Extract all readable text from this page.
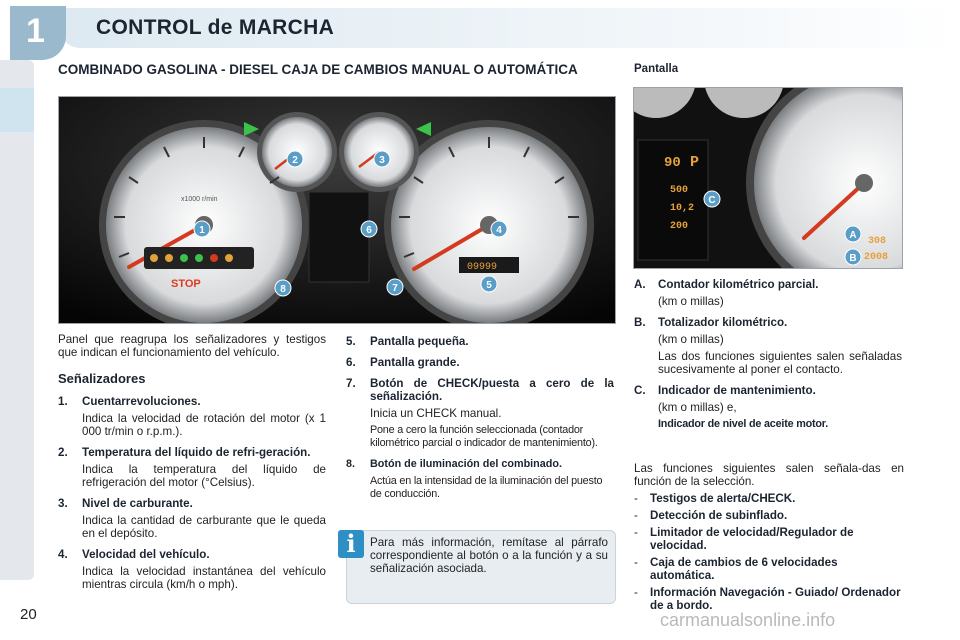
1 CONTROL de MARCHA
COMBINADO GASOLINA - DIESEL CAJA DE CAMBIOS MANUAL O AUTOMÁTICA	Pantalla
STOP
x1000 r/min
09999
1
2	3
4
5
6
7
8
90 P
500
10,2
200
308
2008
A
B
C

Panel que reagrupa los señalizadores y testigos que indican el funcionamiento del vehículo.

Señalizadores
1.	Cuentarrevoluciones.

Indica la velocidad de rotación del motor (x 1 000 tr/min o r.p.m.).

2.	Temperatura del líquido de refri-geración.

Indica la temperatura del líquido de refrigeración del motor (°Celsius).

3.	Nivel de carburante.

Indica la cantidad de carburante que le queda en el depósito.

4.	Velocidad del vehículo.

Indica la velocidad instantánea del vehículo mientras circula (km/h o mph).

5.	Pantalla pequeña.
6.	Pantalla grande.
7.	Botón de CHECK/puesta a cero de la señalización.

Inicia un CHECK manual.

Pone a cero la función seleccionada (contador kilométrico parcial o indicador de mantenimiento).

8.	Botón de iluminación del combinado.

Actúa en la intensidad de la iluminación del puesto de conducción.

i	Para más información, remítase al párrafo correspondiente al botón o a la función y a su señalización asociada.

A.	Contador kilométrico parcial.

(km o millas)

B.	Totalizador kilométrico.

(km o millas)

Las dos funciones siguientes salen señaladas sucesivamente al poner el contacto.

C.	Indicador de mantenimiento.

(km o millas) e,

Indicador de nivel de aceite motor.

Las funciones siguientes salen señala-das en función de la selección.

-	Testigos de alerta/CHECK.
-	Detección de subinflado.
-	Limitador de velocidad/Regulador de velocidad.
-	Caja de cambios de 6 velocidades automática.
-	Información Navegación - Guiado/ Ordenador de a bordo.
20	carmanualsonline.info
